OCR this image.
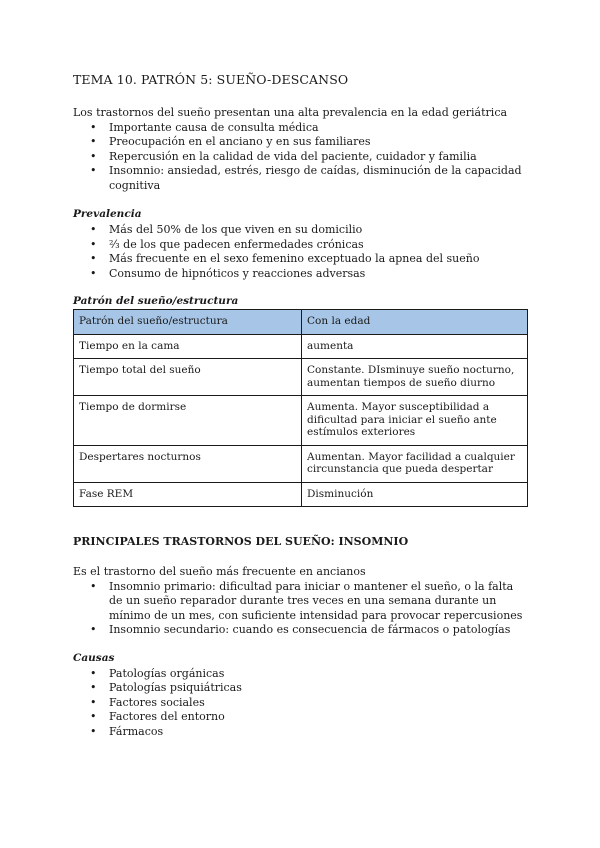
TEMA 10. PATRÓN 5: SUEÑO-DESCANSO

Los trastornos del sueño presentan una alta prevalencia en la edad geriátrica

• Importante causa de consulta médica
• Preocupación en el anciano y en sus familiares
• Repercusión en la calidad de vida del paciente, cuidador y familia
• Insomnio: ansiedad, estrés, riesgo de caídas, disminución de la capacidad cognitiva
Prevalencia
• Más del 50% de los que viven en su domicilio
• ²⁄₃ de los que padecen enfermedades crónicas
• Más frecuente en el sexo femenino exceptuado la apnea del sueño
• Consumo de hipnóticos y reacciones adversas
Patrón del sueño/estructura
Patrón del sueño/estructura	Con la edad
Tiempo en la cama	aumenta
Tiempo total del sueño	Constante. DIsminuye sueño nocturno, aumentan tiempos de sueño diurno
Tiempo de dormirse	Aumenta. Mayor susceptibilidad a dificultad para iniciar el sueño ante estímulos exteriores
Despertares nocturnos	Aumentan. Mayor facilidad a cualquier circunstancia que pueda despertar
Fase REM	Disminución
PRINCIPALES TRASTORNOS DEL SUEÑO: INSOMNIO

Es el trastorno del sueño más frecuente en ancianos

• Insomnio primario: dificultad para iniciar o mantener el sueño, o la falta de un sueño reparador durante tres veces en una semana durante un mínimo de un mes, con suficiente intensidad para provocar repercusiones
• Insomnio secundario: cuando es consecuencia de fármacos o patologías
Causas
• Patologías orgánicas
• Patologías psiquiátricas
• Factores sociales
• Factores del entorno
• Fármacos
